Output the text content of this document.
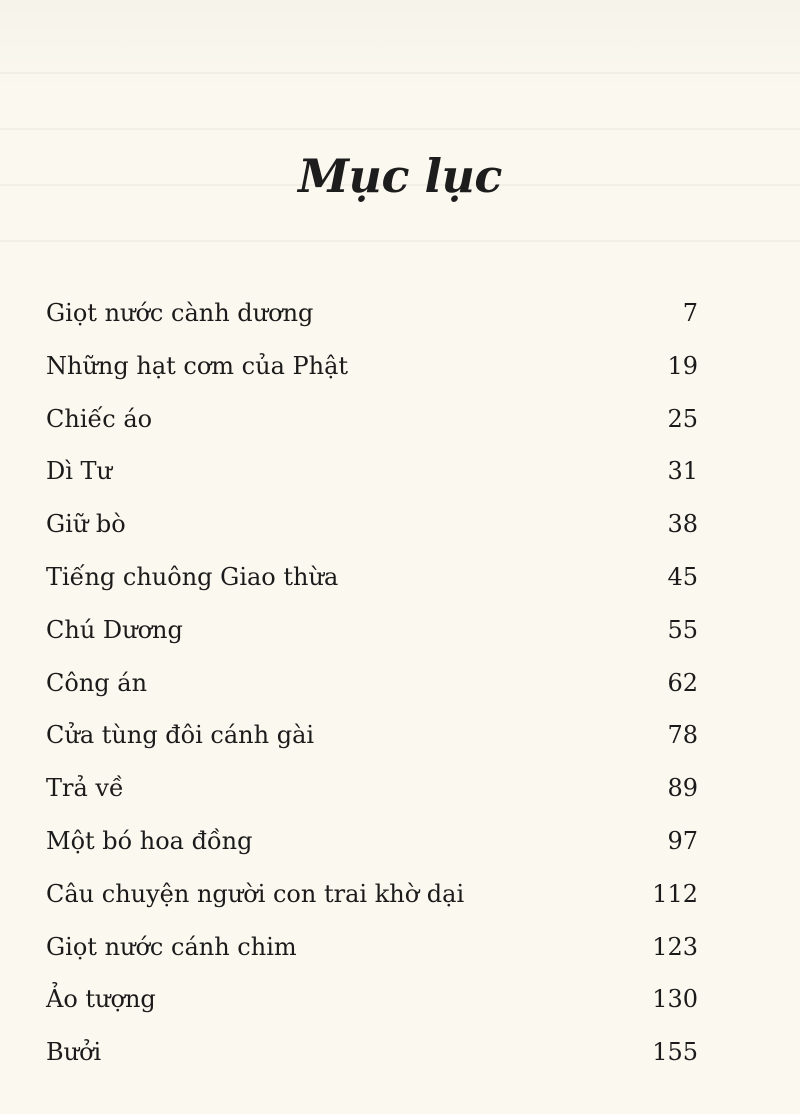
Mục lục
Giọt nước cành dương	7
Những hạt cơm của Phật	19
Chiếc áo	25
Dì Tư	31
Giữ bò	38
Tiếng chuông Giao thừa	45
Chú Dương	55
Công án	62
Cửa tùng đôi cánh gài	78
Trả về	89
Một bó hoa đồng	97
Câu chuyện người con trai khờ dại	112
Giọt nước cánh chim	123
Ảo tượng	130
Bưởi	155
